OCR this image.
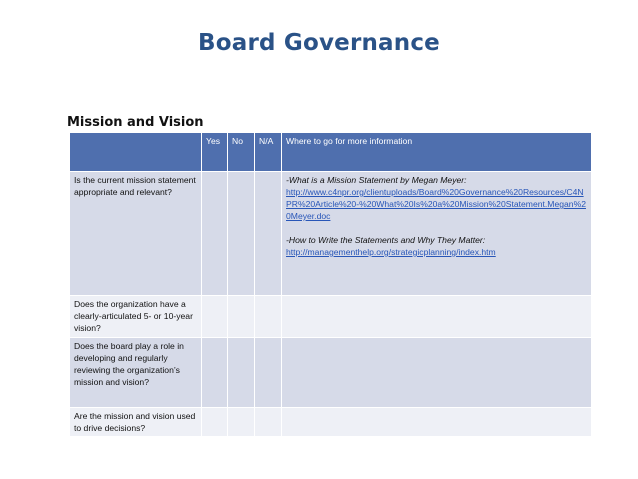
Board Governance
Mission and Vision
	Yes	No	N/A	Where to go for more information
Is the current mission statement appropriate and relevant?				-What is a Mission Statement by Megan Meyer:
http://www.c4npr.org/clientuploads/Board%20Governance%20Resources/C4NPR%20Article%20-%20What%20Is%20a%20Mission%20Statement.Megan%20Meyer.doc
-How to Write the Statements and Why They Matter:
http://managementhelp.org/strategicplanning/index.htm

Does the organization have a clearly-articulated 5- or 10-year vision?				
Does the board play a role in developing and regularly reviewing the organization’s mission and vision?				
Are the mission and vision used to drive decisions?				
